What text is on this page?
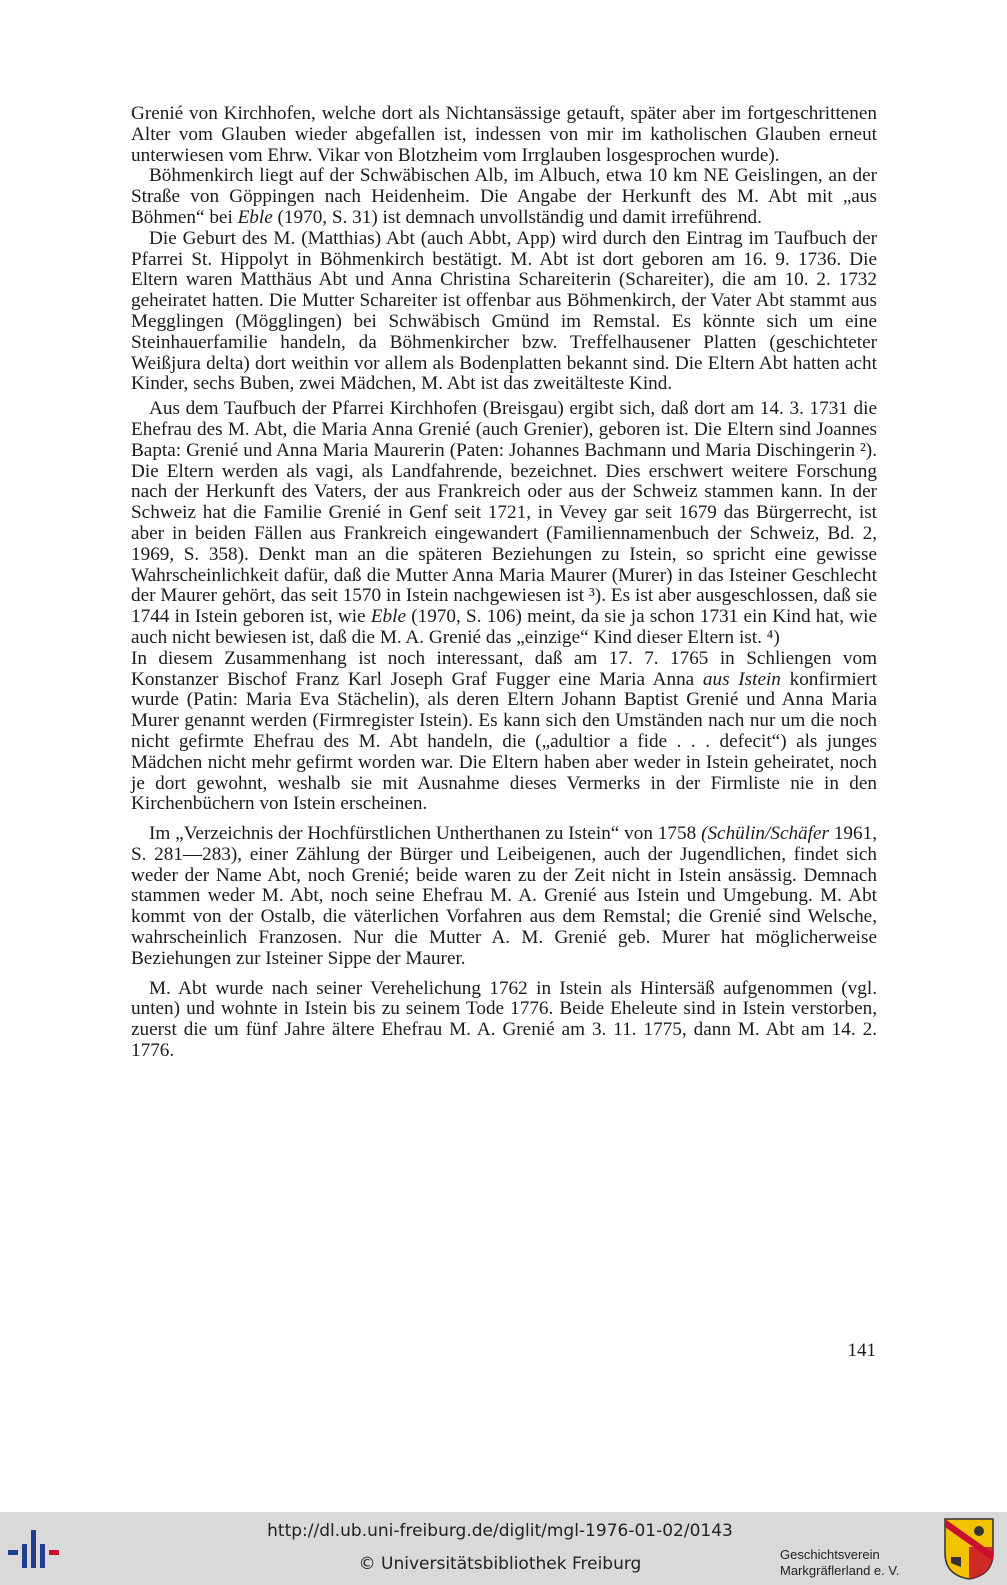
Grenié von Kirchhofen, welche dort als Nichtansässige getauft, später aber im fortgeschrittenen Alter vom Glauben wieder abgefallen ist, indessen von mir im katholischen Glauben erneut unterwiesen vom Ehrw. Vikar von Blotzheim vom Irrglauben losgesprochen wurde).

Böhmenkirch liegt auf der Schwäbischen Alb, im Albuch, etwa 10 km NE Geislingen, an der Straße von Göppingen nach Heidenheim. Die Angabe der Herkunft des M. Abt mit „aus Böhmen“ bei Eble (1970, S. 31) ist demnach unvollständig und damit irreführend.

Die Geburt des M. (Matthias) Abt (auch Abbt, App) wird durch den Eintrag im Taufbuch der Pfarrei St. Hippolyt in Böhmenkirch bestätigt. M. Abt ist dort geboren am 16. 9. 1736. Die Eltern waren Matthäus Abt und Anna Christina Schareiterin (Schareiter), die am 10. 2. 1732 geheiratet hatten. Die Mutter Schareiter ist offenbar aus Böhmenkirch, der Vater Abt stammt aus Megglingen (Mögglingen) bei Schwäbisch Gmünd im Remstal. Es könnte sich um eine Steinhauerfamilie handeln, da Böhmenkircher bzw. Treffelhausener Platten (geschichteter Weißjura delta) dort weithin vor allem als Bodenplatten bekannt sind. Die Eltern Abt hatten acht Kinder, sechs Buben, zwei Mädchen, M. Abt ist das zweitälteste Kind.

Aus dem Taufbuch der Pfarrei Kirchhofen (Breisgau) ergibt sich, daß dort am 14. 3. 1731 die Ehefrau des M. Abt, die Maria Anna Grenié (auch Grenier), geboren ist. Die Eltern sind Joannes Bapta: Grenié und Anna Maria Maurerin (Paten: Johannes Bachmann und Maria Dischingerin ²). Die Eltern werden als vagi, als Landfahrende, bezeichnet. Dies erschwert weitere Forschung nach der Herkunft des Vaters, der aus Frankreich oder aus der Schweiz stammen kann. In der Schweiz hat die Familie Grenié in Genf seit 1721, in Vevey gar seit 1679 das Bürgerrecht, ist aber in beiden Fällen aus Frankreich eingewandert (Familiennamenbuch der Schweiz, Bd. 2, 1969, S. 358). Denkt man an die späteren Beziehungen zu Istein, so spricht eine gewisse Wahrscheinlichkeit dafür, daß die Mutter Anna Maria Maurer (Murer) in das Isteiner Geschlecht der Maurer gehört, das seit 1570 in Istein nachgewiesen ist ³). Es ist aber ausgeschlossen, daß sie 1744 in Istein geboren ist, wie Eble (1970, S. 106) meint, da sie ja schon 1731 ein Kind hat, wie auch nicht bewiesen ist, daß die M. A. Grenié das „einzige“ Kind dieser Eltern ist. ⁴)

In diesem Zusammenhang ist noch interessant, daß am 17. 7. 1765 in Schliengen vom Konstanzer Bischof Franz Karl Joseph Graf Fugger eine Maria Anna aus Istein konfirmiert wurde (Patin: Maria Eva Stächelin), als deren Eltern Johann Baptist Grenié und Anna Maria Murer genannt werden (Firmregister Istein). Es kann sich den Umständen nach nur um die noch nicht gefirmte Ehefrau des M. Abt handeln, die („adultior a fide . . . defecit“) als junges Mädchen nicht mehr gefirmt worden war. Die Eltern haben aber weder in Istein geheiratet, noch je dort gewohnt, weshalb sie mit Ausnahme dieses Vermerks in der Firmliste nie in den Kirchenbüchern von Istein erscheinen.

Im „Verzeichnis der Hochfürstlichen Untherthanen zu Istein“ von 1758 (Schülin/Schäfer 1961, S. 281—283), einer Zählung der Bürger und Leibeigenen, auch der Jugendlichen, findet sich weder der Name Abt, noch Grenié; beide waren zu der Zeit nicht in Istein ansässig. Demnach stammen weder M. Abt, noch seine Ehefrau M. A. Grenié aus Istein und Umgebung. M. Abt kommt von der Ostalb, die väterlichen Vorfahren aus dem Remstal; die Grenié sind Welsche, wahrscheinlich Franzosen. Nur die Mutter A. M. Grenié geb. Murer hat möglicherweise Beziehungen zur Isteiner Sippe der Maurer.

M. Abt wurde nach seiner Verehelichung 1762 in Istein als Hintersäß aufgenommen (vgl. unten) und wohnte in Istein bis zu seinem Tode 1776. Beide Eheleute sind in Istein verstorben, zuerst die um fünf Jahre ältere Ehefrau M. A. Grenié am 3. 11. 1775, dann M. Abt am 14. 2. 1776.

141
http://dl.ub.uni-freiburg.de/diglit/mgl-1976-01-02/0143
© Universitätsbibliothek Freiburg	Geschichtsverein
Markgräflerland e. V.
